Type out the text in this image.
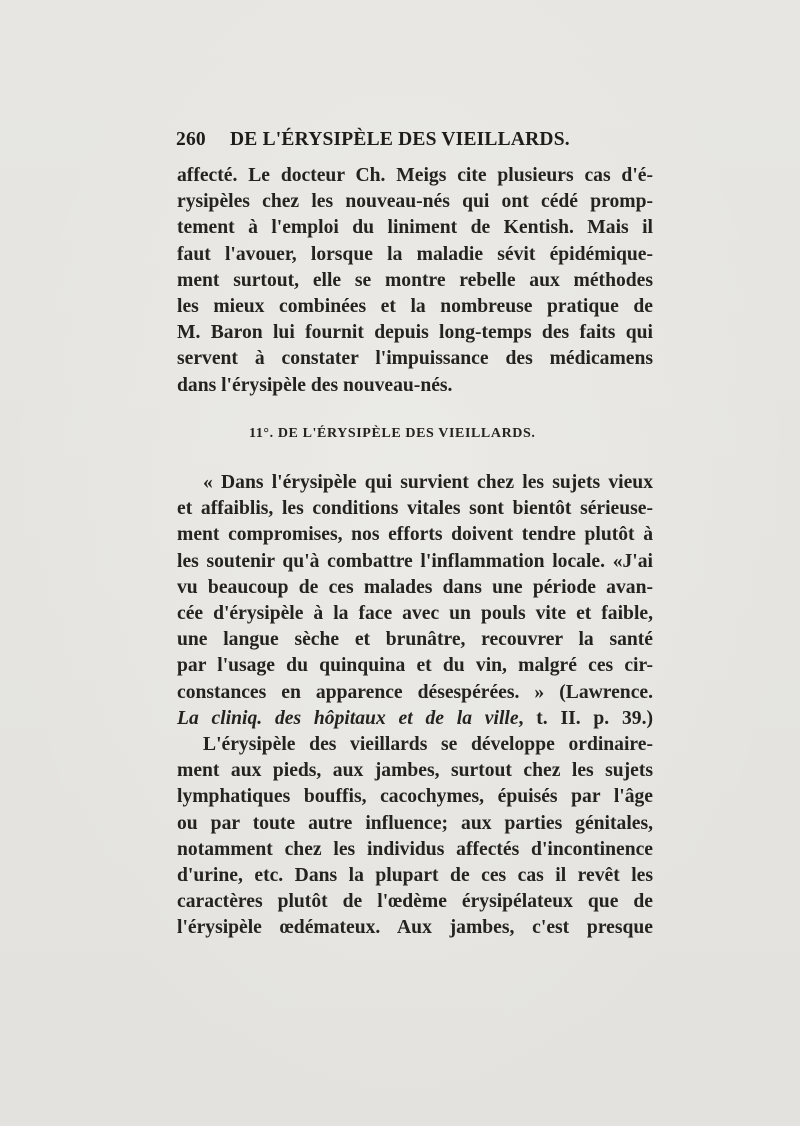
260 DE L'ÉRYSIPÈLE DES VIEILLARDS.
affecté. Le docteur Ch. Meigs cite plusieurs cas d'é-
rysipèles chez les nouveau-nés qui ont cédé promp-
tement à l'emploi du liniment de Kentish. Mais il
faut l'avouer, lorsque la maladie sévit épidémique-
ment surtout, elle se montre rebelle aux méthodes
les mieux combinées et la nombreuse pratique de
M. Baron lui fournit depuis long-temps des faits qui
servent à constater l'impuissance des médicamens
dans l'érysipèle des nouveau-nés.
11°. DE L'ÉRYSIPÈLE DES VIEILLARDS.
« Dans l'érysipèle qui survient chez les sujets vieux
et affaiblis, les conditions vitales sont bientôt sérieuse-
ment compromises, nos efforts doivent tendre plutôt à
les soutenir qu'à combattre l'inflammation locale. «J'ai
vu beaucoup de ces malades dans une période avan-
cée d'érysipèle à la face avec un pouls vite et faible,
une langue sèche et brunâtre, recouvrer la santé
par l'usage du quinquina et du vin, malgré ces cir-
constances en apparence désespérées. » (Lawrence.
La cliniq. des hôpitaux et de la ville, t. II. p. 39.)
L'érysipèle des vieillards se développe ordinaire-
ment aux pieds, aux jambes, surtout chez les sujets
lymphatiques bouffis, cacochymes, épuisés par l'âge
ou par toute autre influence; aux parties génitales,
notamment chez les individus affectés d'incontinence
d'urine, etc. Dans la plupart de ces cas il revêt les
caractères plutôt de l'œdème érysipélateux que de
l'érysipèle œdémateux. Aux jambes, c'est presque
